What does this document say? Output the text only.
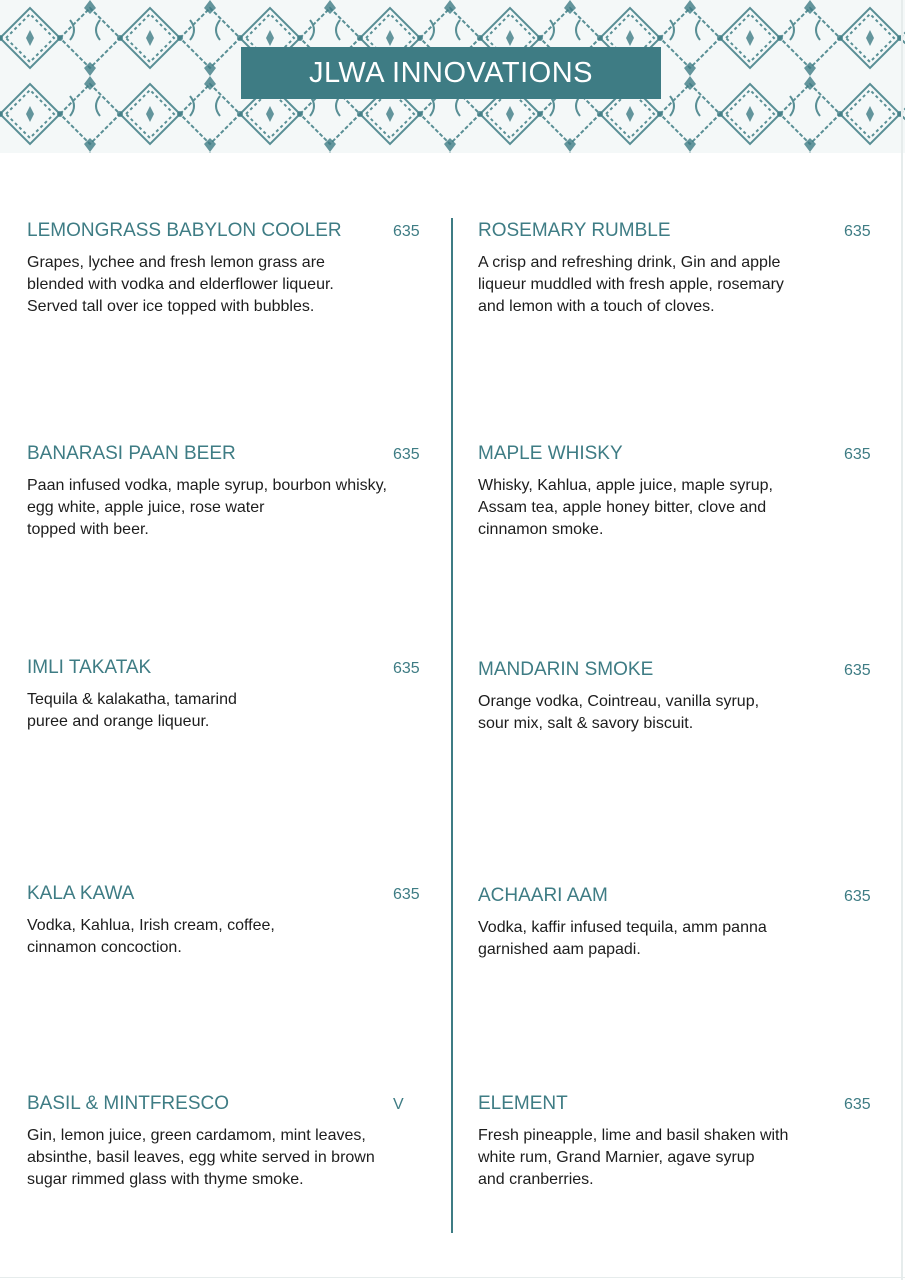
JLWA INNOVATIONS
LEMONGRASS BABYLON COOLER	635
Grapes, lychee and fresh lemon grass are
blended with vodka and elderflower liqueur.
Served tall over ice topped with bubbles.
BANARASI PAAN BEER	635
Paan infused vodka, maple syrup, bourbon whisky,
egg white, apple juice, rose water
topped with beer.
IMLI TAKATAK	635
Tequila & kalakatha, tamarind
puree and orange liqueur.
KALA KAWA	635
Vodka, Kahlua, Irish cream, coffee,
cinnamon concoction.
BASIL & MINTFRESCO	V
Gin, lemon juice, green cardamom, mint leaves,
absinthe, basil leaves, egg white served in brown
sugar rimmed glass with thyme smoke.
ROSEMARY RUMBLE	635
A crisp and refreshing drink, Gin and apple
liqueur muddled with fresh apple, rosemary
and lemon with a touch of cloves.
MAPLE WHISKY	635
Whisky, Kahlua, apple juice, maple syrup,
Assam tea, apple honey bitter, clove and
cinnamon smoke.
MANDARIN SMOKE	635
Orange vodka, Cointreau, vanilla syrup,
sour mix, salt & savory biscuit.
ACHAARI AAM	635
Vodka, kaffir infused tequila, amm panna
garnished aam papadi.
ELEMENT	635
Fresh pineapple, lime and basil shaken with
white rum, Grand Marnier, agave syrup
and cranberries.
